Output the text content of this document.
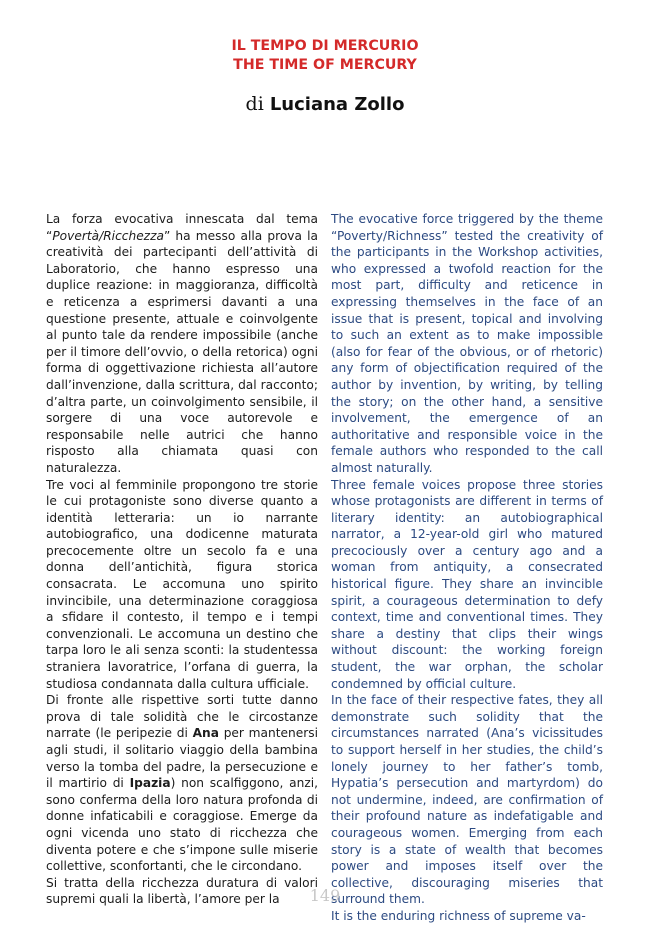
IL TEMPO DI MERCURIO
THE TIME OF MERCURY

di Luciana Zollo

La forza evocativa innescata dal tema “Povertà/Ricchezza” ha messo alla prova la creatività dei partecipanti dell’attività di Laboratorio, che hanno espresso una duplice reazione: in maggioranza, difficoltà e reticenza a esprimersi davanti a una questione presente, attuale e coinvolgente al punto tale da rendere impossibile (anche per il timore dell’ovvio, o della retorica) ogni forma di oggettivazione richiesta all’autore dall’invenzione, dalla scrittura, dal racconto; d’altra parte, un coinvolgimento sensibile, il sorgere di una voce autorevole e responsabile nelle autrici che hanno risposto alla chiamata quasi con naturalezza.

Tre voci al femminile propongono tre storie le cui protagoniste sono diverse quanto a identità letteraria: un io narrante autobiografico, una dodicenne maturata precocemente oltre un secolo fa e una donna dell’antichità, figura storica consacrata. Le accomuna uno spirito invincibile, una determinazione coraggiosa a sfidare il contesto, il tempo e i tempi convenzionali. Le accomuna un destino che tarpa loro le ali senza sconti: la studentessa straniera lavoratrice, l’orfana di guerra, la studiosa condannata dalla cultura ufficiale.

Di fronte alle rispettive sorti tutte danno prova di tale solidità che le circostanze narrate (le peripezie di Ana per mantenersi agli studi, il solitario viaggio della bambina verso la tomba del padre, la persecuzione e il martirio di Ipazia) non scalfiggono, anzi, sono conferma della loro natura profonda di donne infaticabili e coraggiose. Emerge da ogni vicenda uno stato di ricchezza che diventa potere e che s’impone sulle miserie collettive, sconfortanti, che le circondano.

Si tratta della ricchezza duratura di valori supremi quali la libertà, l’amore per la

The evocative force triggered by the theme “Poverty/Richness” tested the creativity of the participants in the Workshop activities, who expressed a twofold reaction for the most part, difficulty and reticence in expressing themselves in the face of an issue that is present, topical and involving to such an extent as to make impossible (also for fear of the obvious, or of rhetoric) any form of objectification required of the author by invention, by writing, by telling the story; on the other hand, a sensitive involvement, the emergence of an authoritative and responsible voice in the female authors who responded to the call almost naturally.

Three female voices propose three stories whose protagonists are different in terms of literary identity: an autobiographical narrator, a 12-year-old girl who matured precociously over a century ago and a woman from antiquity, a consecrated historical figure. They share an invincible spirit, a courageous determination to defy context, time and conventional times. They share a destiny that clips their wings without discount: the working foreign student, the war orphan, the scholar condemned by official culture.

In the face of their respective fates, they all demonstrate such solidity that the circumstances narrated (Ana’s vicissitudes to support herself in her studies, the child’s lonely journey to her father’s tomb, Hypatia’s persecution and martyrdom) do not undermine, indeed, are confirmation of their profound nature as indefatigable and courageous women. Emerging from each story is a state of wealth that becomes power and imposes itself over the collective, discouraging miseries that surround them.

It is the enduring richness of supreme va-

149
